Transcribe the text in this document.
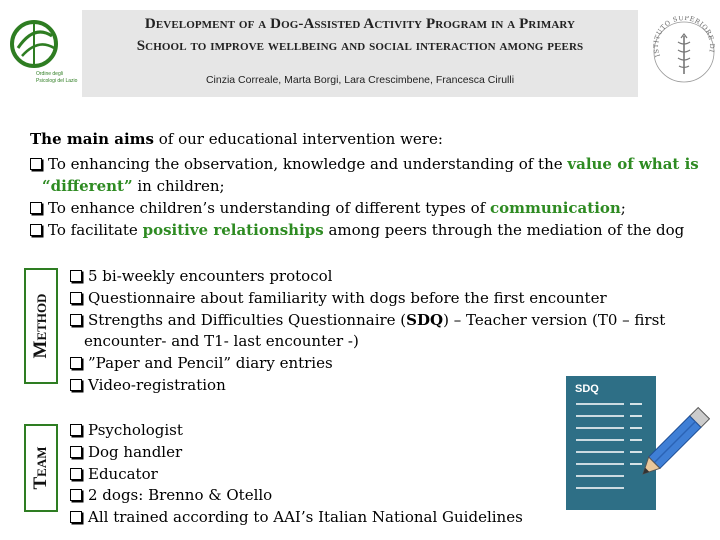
Ordine degli
Psicologi del Lazio
Development of a Dog-Assisted Activity Program in a Primary
School to improve wellbeing and social interaction among peers
Cinzia Correale, Marta Borgi, Lara Crescimbene, Francesca Cirulli
ISTITUTO SUPERIORE DI
The main aims of our educational intervention were:
To enhancing the observation, knowledge and understanding of the value of what is
“different” in children;
To enhance children’s understanding of different types of communication;
To facilitate positive relationships among peers through the mediation of the dog
Method
5 bi-weekly encounters protocol
Questionnaire about familiarity with dogs before the first encounter
Strengths and Difficulties Questionnaire (SDQ) – Teacher version (T0 – first
encounter- and T1- last encounter -)
”Paper and Pencil” diary entries
Video-registration
Team
Psychologist
Dog handler
Educator
2 dogs: Brenno & Otello
All trained according to AAI’s Italian National Guidelines
SDQ
